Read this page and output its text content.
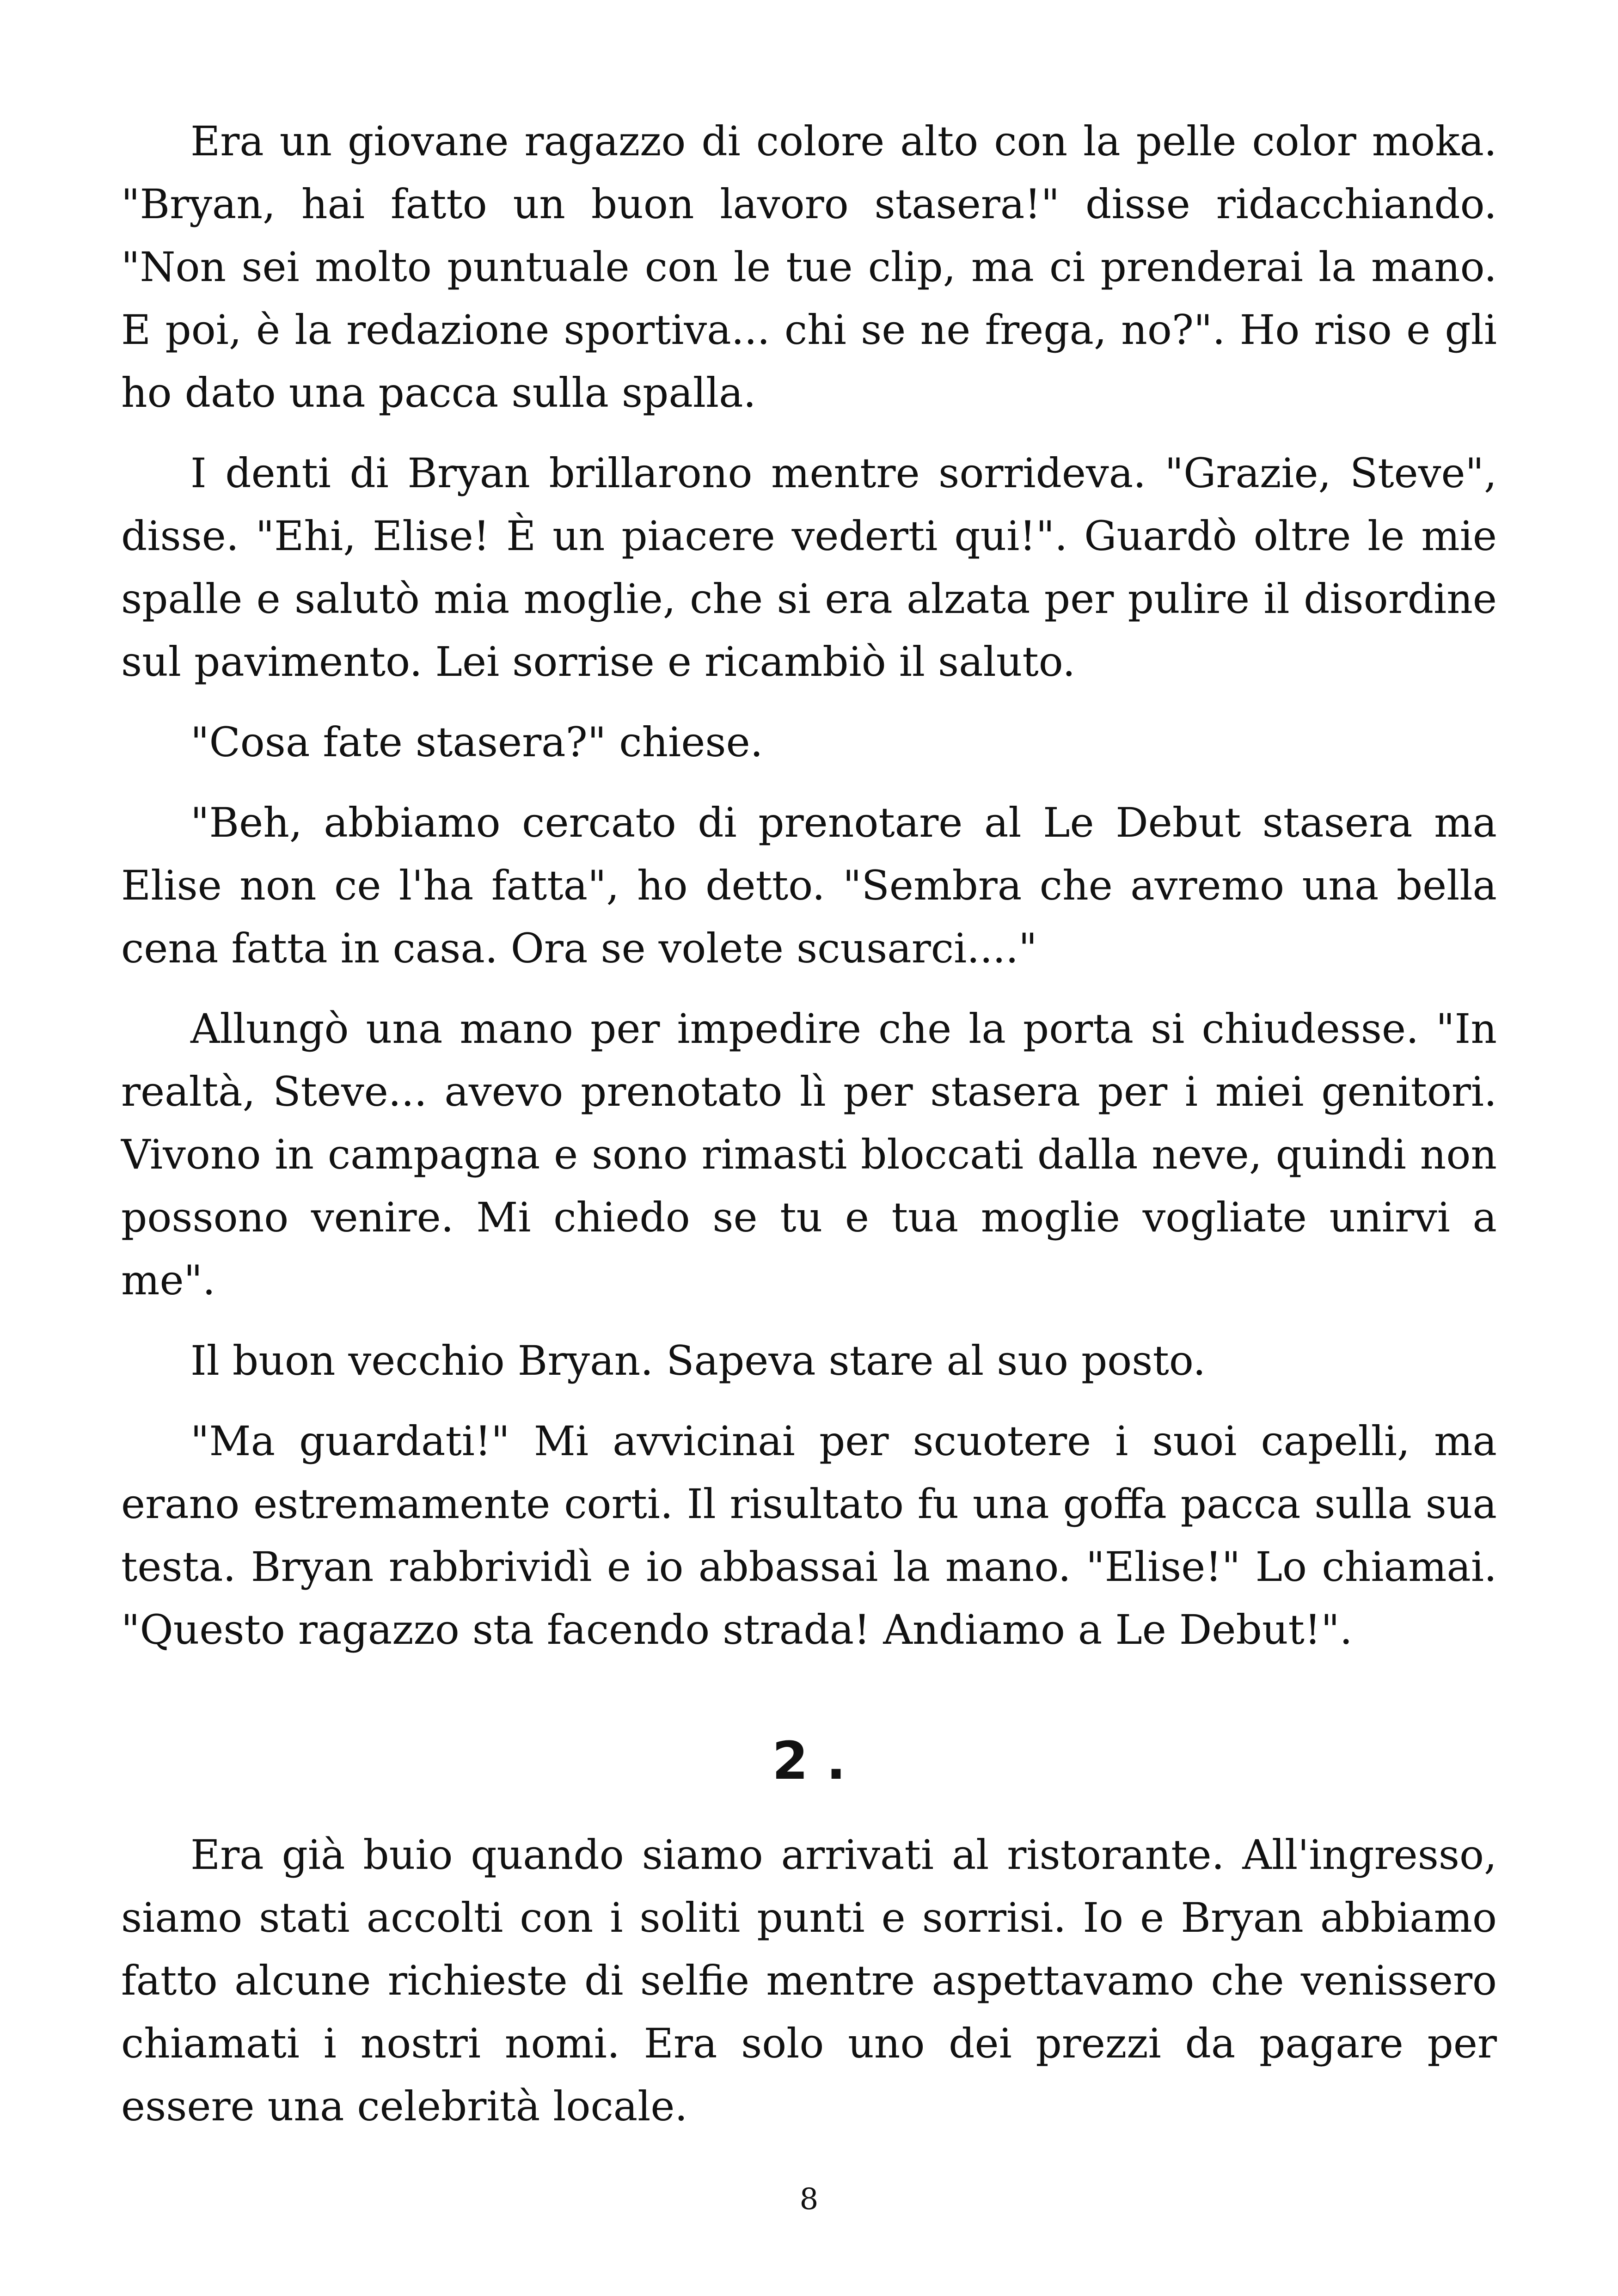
Era un giovane ragazzo di colore alto con la pelle color moka. "Bryan, hai fatto un buon lavoro stasera!" disse ridacchiando. "Non sei molto puntuale con le tue clip, ma ci prenderai la mano. E poi, è la redazione sportiva... chi se ne frega, no?". Ho riso e gli ho dato una pacca sulla spalla.

I denti di Bryan brillarono mentre sorrideva. "Grazie, Steve", disse. "Ehi, Elise! È un piacere vederti qui!". Guardò oltre le mie spalle e salutò mia moglie, che si era alzata per pulire il disordine sul pavimento. Lei sorrise e ricambiò il saluto.

"Cosa fate stasera?" chiese.

"Beh, abbiamo cercato di prenotare al Le Debut stasera ma Elise non ce l'ha fatta", ho detto. "Sembra che avremo una bella cena fatta in casa. Ora se volete scusarci...."

Allungò una mano per impedire che la porta si chiudesse. "In realtà, Steve... avevo prenotato lì per stasera per i miei genitori. Vivono in campagna e sono rimasti bloccati dalla neve, quindi non possono venire. Mi chiedo se tu e tua moglie vogliate unirvi a me".

Il buon vecchio Bryan. Sapeva stare al suo posto.

"Ma guardati!" Mi avvicinai per scuotere i suoi capelli, ma erano estremamente corti. Il risultato fu una goffa pacca sulla sua testa. Bryan rabbrividì e io abbassai la mano. "Elise!" Lo chiamai. "Questo ragazzo sta facendo strada! Andiamo a Le Debut!".

2 .

Era già buio quando siamo arrivati al ristorante. All'ingresso, siamo stati accolti con i soliti punti e sorrisi. Io e Bryan abbiamo fatto alcune richieste di selfie mentre aspettavamo che venissero chiamati i nostri nomi. Era solo uno dei prezzi da pagare per essere una celebrità locale.

8
